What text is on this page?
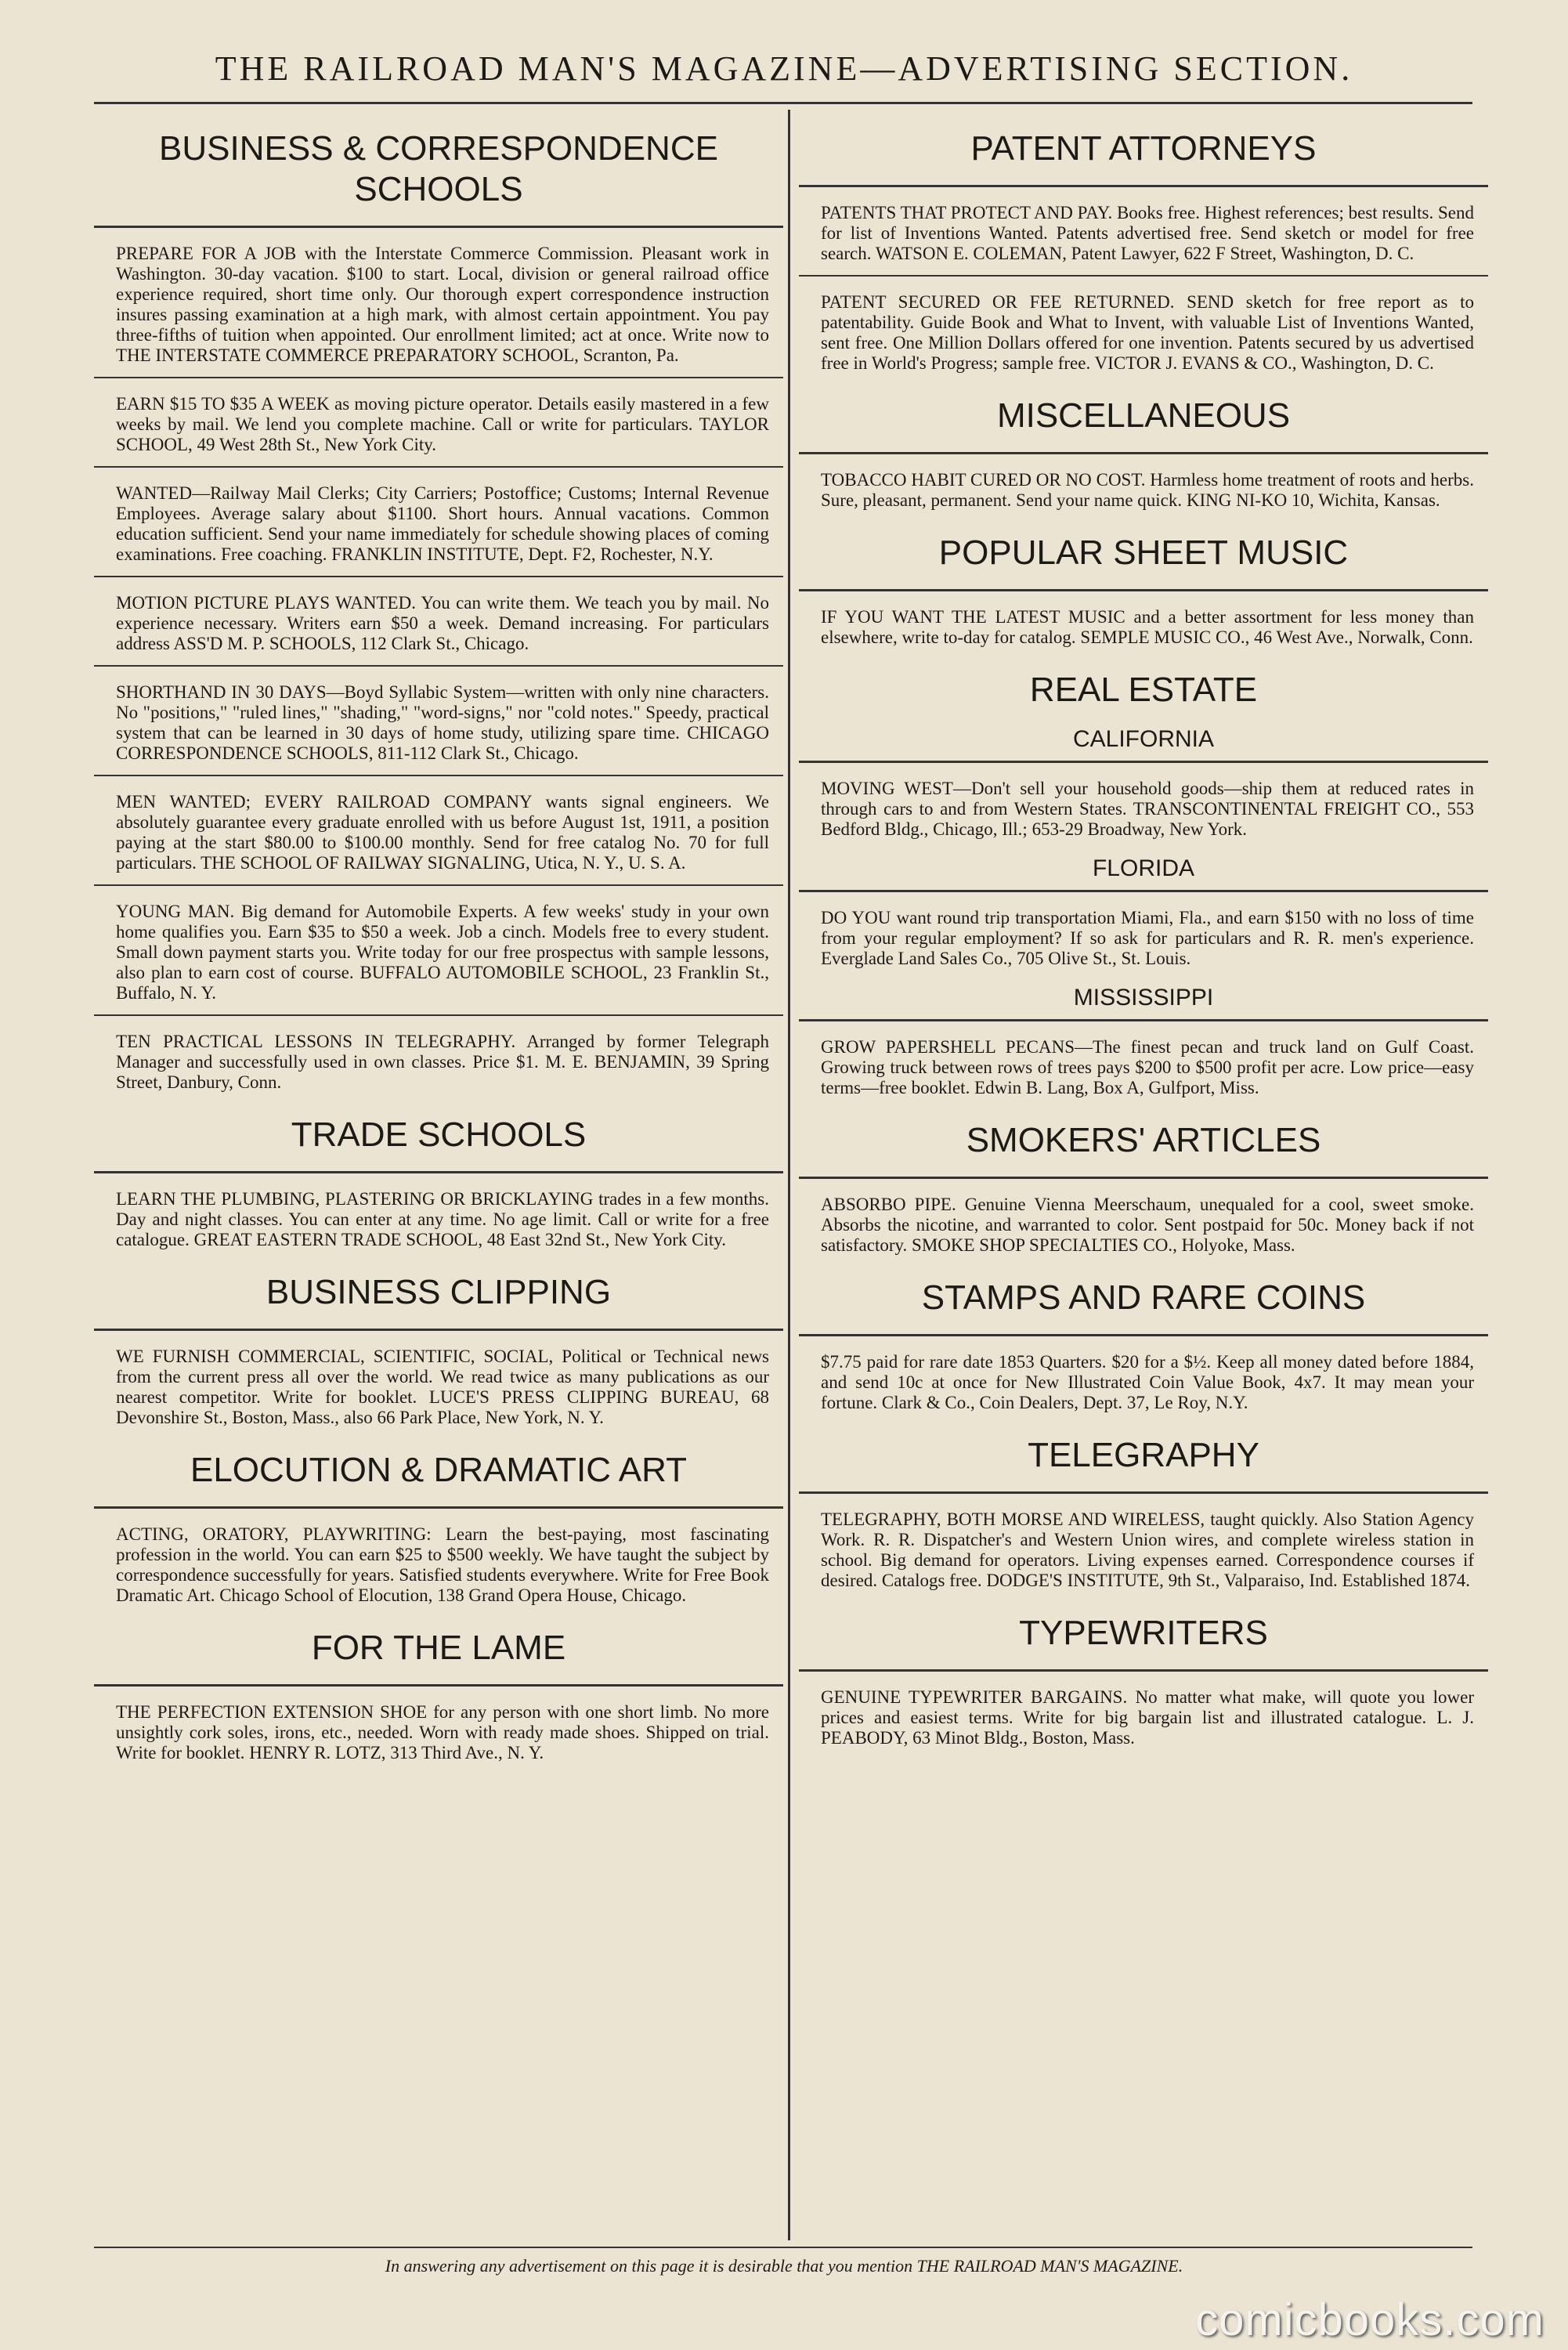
THE RAILROAD MAN'S MAGAZINE—ADVERTISING SECTION.
BUSINESS & CORRESPONDENCE SCHOOLS
PREPARE FOR A JOB with the Interstate Commerce Commission. Pleasant work in Washington. 30-day vacation. $100 to start. Local, division or general railroad office experience required, short time only. Our thorough expert correspondence instruction insures passing examination at a high mark, with almost certain appointment. You pay three-fifths of tuition when appointed. Our enrollment limited; act at once. Write now to THE INTERSTATE COMMERCE PREPARATORY SCHOOL, Scranton, Pa.
EARN $15 TO $35 A WEEK as moving picture operator. Details easily mastered in a few weeks by mail. We lend you complete machine. Call or write for particulars. TAYLOR SCHOOL, 49 West 28th St., New York City.
WANTED—Railway Mail Clerks; City Carriers; Postoffice; Customs; Internal Revenue Employees. Average salary about $1100. Short hours. Annual vacations. Common education sufficient. Send your name immediately for schedule showing places of coming examinations. Free coaching. FRANKLIN INSTITUTE, Dept. F2, Rochester, N.Y.
MOTION PICTURE PLAYS WANTED. You can write them. We teach you by mail. No experience necessary. Writers earn $50 a week. Demand increasing. For particulars address ASS'D M. P. SCHOOLS, 112 Clark St., Chicago.
SHORTHAND IN 30 DAYS—Boyd Syllabic System—written with only nine characters. No "positions," "ruled lines," "shading," "word-signs," nor "cold notes." Speedy, practical system that can be learned in 30 days of home study, utilizing spare time. CHICAGO CORRESPONDENCE SCHOOLS, 811-112 Clark St., Chicago.
MEN WANTED; EVERY RAILROAD COMPANY wants signal engineers. We absolutely guarantee every graduate enrolled with us before August 1st, 1911, a position paying at the start $80.00 to $100.00 monthly. Send for free catalog No. 70 for full particulars. THE SCHOOL OF RAILWAY SIGNALING, Utica, N. Y., U. S. A.
YOUNG MAN. Big demand for Automobile Experts. A few weeks' study in your own home qualifies you. Earn $35 to $50 a week. Job a cinch. Models free to every student. Small down payment starts you. Write today for our free prospectus with sample lessons, also plan to earn cost of course. BUFFALO AUTOMOBILE SCHOOL, 23 Franklin St., Buffalo, N. Y.
TEN PRACTICAL LESSONS IN TELEGRAPHY. Arranged by former Telegraph Manager and successfully used in own classes. Price $1. M. E. BENJAMIN, 39 Spring Street, Danbury, Conn.
TRADE SCHOOLS
LEARN THE PLUMBING, PLASTERING OR BRICKLAYING trades in a few months. Day and night classes. You can enter at any time. No age limit. Call or write for a free catalogue. GREAT EASTERN TRADE SCHOOL, 48 East 32nd St., New York City.
BUSINESS CLIPPING
WE FURNISH COMMERCIAL, SCIENTIFIC, SOCIAL, Political or Technical news from the current press all over the world. We read twice as many publications as our nearest competitor. Write for booklet. LUCE'S PRESS CLIPPING BUREAU, 68 Devonshire St., Boston, Mass., also 66 Park Place, New York, N. Y.
ELOCUTION & DRAMATIC ART
ACTING, ORATORY, PLAYWRITING: Learn the best-paying, most fascinating profession in the world. You can earn $25 to $500 weekly. We have taught the subject by correspondence successfully for years. Satisfied students everywhere. Write for Free Book Dramatic Art. Chicago School of Elocution, 138 Grand Opera House, Chicago.
FOR THE LAME
THE PERFECTION EXTENSION SHOE for any person with one short limb. No more unsightly cork soles, irons, etc., needed. Worn with ready made shoes. Shipped on trial. Write for booklet. HENRY R. LOTZ, 313 Third Ave., N. Y.
PATENT ATTORNEYS
PATENTS THAT PROTECT AND PAY. Books free. Highest references; best results. Send for list of Inventions Wanted. Patents advertised free. Send sketch or model for free search. WATSON E. COLEMAN, Patent Lawyer, 622 F Street, Washington, D. C.
PATENT SECURED OR FEE RETURNED. SEND sketch for free report as to patentability. Guide Book and What to Invent, with valuable List of Inventions Wanted, sent free. One Million Dollars offered for one invention. Patents secured by us advertised free in World's Progress; sample free. VICTOR J. EVANS & CO., Washington, D. C.
MISCELLANEOUS
TOBACCO HABIT CURED OR NO COST. Harmless home treatment of roots and herbs. Sure, pleasant, permanent. Send your name quick. KING NI-KO 10, Wichita, Kansas.
POPULAR SHEET MUSIC
IF YOU WANT THE LATEST MUSIC and a better assortment for less money than elsewhere, write to-day for catalog. SEMPLE MUSIC CO., 46 West Ave., Norwalk, Conn.
REAL ESTATE
CALIFORNIA
MOVING WEST—Don't sell your household goods—ship them at reduced rates in through cars to and from Western States. TRANSCONTINENTAL FREIGHT CO., 553 Bedford Bldg., Chicago, Ill.; 653-29 Broadway, New York.
FLORIDA
DO YOU want round trip transportation Miami, Fla., and earn $150 with no loss of time from your regular employment? If so ask for particulars and R. R. men's experience. Everglade Land Sales Co., 705 Olive St., St. Louis.
MISSISSIPPI
GROW PAPERSHELL PECANS—The finest pecan and truck land on Gulf Coast. Growing truck between rows of trees pays $200 to $500 profit per acre. Low price—easy terms—free booklet. Edwin B. Lang, Box A, Gulfport, Miss.
SMOKERS' ARTICLES
ABSORBO PIPE. Genuine Vienna Meerschaum, unequaled for a cool, sweet smoke. Absorbs the nicotine, and warranted to color. Sent postpaid for 50c. Money back if not satisfactory. SMOKE SHOP SPECIALTIES CO., Holyoke, Mass.
STAMPS AND RARE COINS
$7.75 paid for rare date 1853 Quarters. $20 for a $½. Keep all money dated before 1884, and send 10c at once for New Illustrated Coin Value Book, 4x7. It may mean your fortune. Clark & Co., Coin Dealers, Dept. 37, Le Roy, N.Y.
TELEGRAPHY
TELEGRAPHY, BOTH MORSE AND WIRELESS, taught quickly. Also Station Agency Work. R. R. Dispatcher's and Western Union wires, and complete wireless station in school. Big demand for operators. Living expenses earned. Correspondence courses if desired. Catalogs free. DODGE'S INSTITUTE, 9th St., Valparaiso, Ind. Established 1874.
TYPEWRITERS
GENUINE TYPEWRITER BARGAINS. No matter what make, will quote you lower prices and easiest terms. Write for big bargain list and illustrated catalogue. L. J. PEABODY, 63 Minot Bldg., Boston, Mass.
In answering any advertisement on this page it is desirable that you mention THE RAILROAD MAN'S MAGAZINE.
comicbooks.com
